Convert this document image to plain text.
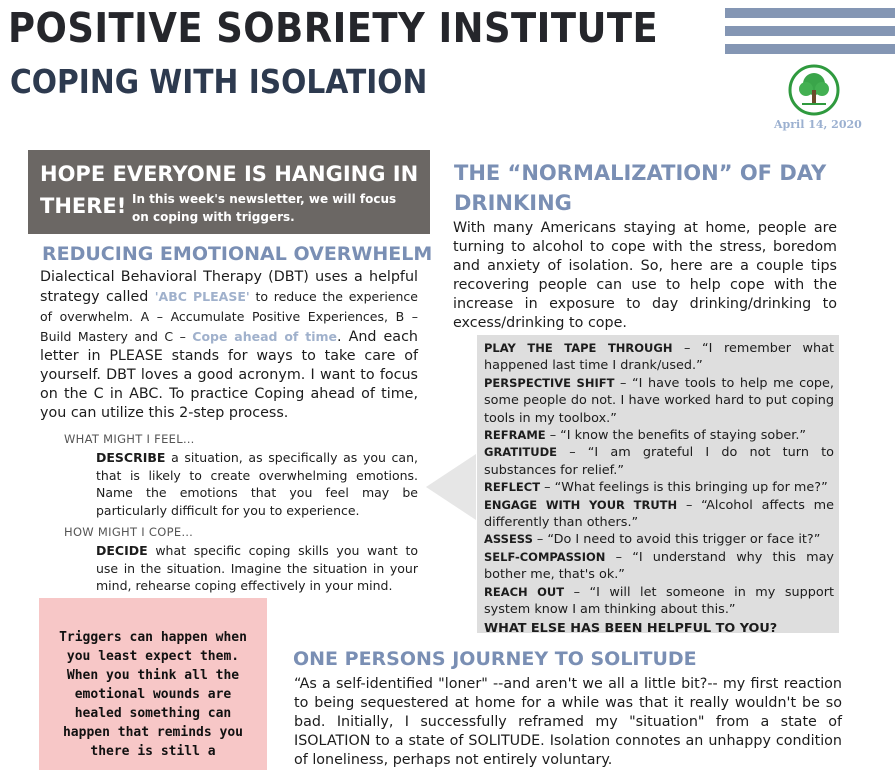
POSITIVE SOBRIETY INSTITUTE
COPING WITH ISOLATION
April 14, 2020
HOPE EVERYONE IS HANGING IN
THERE! In this week's newsletter, we will focus on coping with triggers.
REDUCING EMOTIONAL OVERWHELM
Dialectical Behavioral Therapy (DBT) uses a helpful strategy called 'ABC PLEASE' to reduce the experience of overwhelm. A – Accumulate Positive Experiences, B – Build Mastery and C – Cope ahead of time. And each letter in PLEASE stands for ways to take care of yourself. DBT loves a good acronym. I want to focus on the C in ABC. To practice Coping ahead of time, you can utilize this 2-step process.
WHAT MIGHT I FEEL…
DESCRIBE a situation, as specifically as you can, that is likely to create overwhelming emotions. Name the emotions that you feel may be particularly difficult for you to experience.
HOW MIGHT I COPE…
DECIDE what specific coping skills you want to use in the situation. Imagine the situation in your mind, rehearse coping effectively in your mind.
Triggers can happen when you least expect them. When you think all the emotional wounds are healed something can happen that reminds you there is still a
THE “NORMALIZATION” OF DAY DRINKING
With many Americans staying at home, people are turning to alcohol to cope with the stress, boredom and anxiety of isolation. So, here are a couple tips recovering people can use to help cope with the increase in exposure to day drinking/drinking to excess/drinking to cope.
PLAY THE TAPE THROUGH – “I remember what happened last time I drank/used.”
PERSPECTIVE SHIFT – “I have tools to help me cope, some people do not. I have worked hard to put coping tools in my toolbox.”
REFRAME – “I know the benefits of staying sober.”
GRATITUDE – “I am grateful I do not turn to substances for relief.”
REFLECT – “What feelings is this bringing up for me?”
ENGAGE WITH YOUR TRUTH – “Alcohol affects me differently than others.”
ASSESS – “Do I need to avoid this trigger or face it?”
SELF-COMPASSION – “I understand why this may bother me, that's ok.”
REACH OUT – “I will let someone in my support system know I am thinking about this.”
WHAT ELSE HAS BEEN HELPFUL TO YOU?
ONE PERSONS JOURNEY TO SOLITUDE
“As a self-identified "loner" --and aren't we all a little bit?-- my first reaction to being sequestered at home for a while was that it really wouldn't be so bad. Initially, I successfully reframed my "situation" from a state of ISOLATION to a state of SOLITUDE. Isolation connotes an unhappy condition of loneliness, perhaps not entirely voluntary.
